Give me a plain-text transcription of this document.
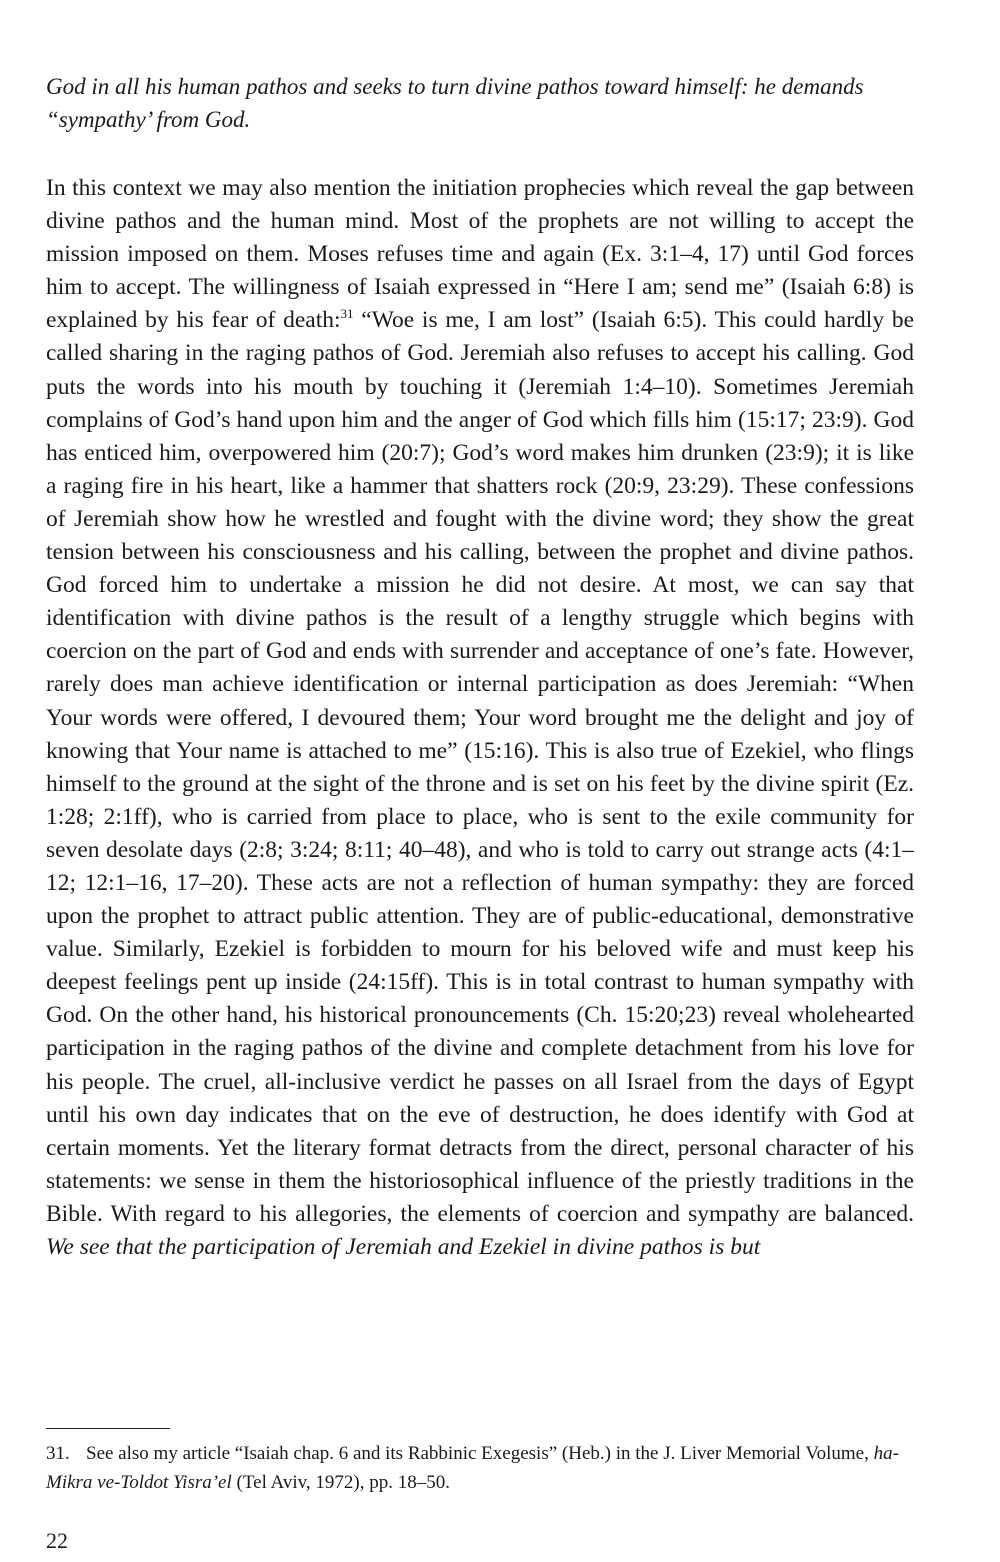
God in all his human pathos and seeks to turn divine pathos toward himself: he demands “sympathy’ from God.

In this context we may also mention the initiation prophecies which reveal the gap between divine pathos and the human mind. Most of the prophets are not willing to accept the mission imposed on them. Moses refuses time and again (Ex. 3:1–4, 17) until God forces him to accept. The willingness of Isaiah expressed in “Here I am; send me” (Isaiah 6:8) is explained by his fear of death:$^{31}$ “Woe is me, I am lost” (Isaiah 6:5). This could hardly be called sharing in the raging pathos of God. Jeremiah also refuses to accept his calling. God puts the words into his mouth by touching it (Jeremiah 1:4–10). Sometimes Jeremiah complains of God’s hand upon him and the anger of God which fills him (15:17; 23:9). God has enticed him, overpowered him (20:7); God’s word makes him drunken (23:9); it is like a raging fire in his heart, like a hammer that shatters rock (20:9, 23:29). These confessions of Jeremiah show how he wrestled and fought with the divine word; they show the great tension between his consciousness and his calling, between the prophet and divine pathos. God forced him to undertake a mission he did not desire. At most, we can say that identification with divine pathos is the result of a lengthy struggle which begins with coercion on the part of God and ends with surrender and acceptance of one’s fate. However, rarely does man achieve identification or internal participation as does Jeremiah: “When Your words were offered, I devoured them; Your word brought me the delight and joy of knowing that Your name is attached to me” (15:16). This is also true of Ezekiel, who flings himself to the ground at the sight of the throne and is set on his feet by the divine spirit (Ez. 1:28; 2:1ff), who is carried from place to place, who is sent to the exile community for seven desolate days (2:8; 3:24; 8:11; 40–48), and who is told to carry out strange acts (4:1–12; 12:1–16, 17–20). These acts are not a reflection of human sympathy: they are forced upon the prophet to attract public attention. They are of public-educational, demonstrative value. Similarly, Ezekiel is forbidden to mourn for his beloved wife and must keep his deepest feelings pent up inside (24:15ff). This is in total contrast to human sympathy with God. On the other hand, his historical pronouncements (Ch. 15:20;23) reveal wholehearted participation in the raging pathos of the divine and complete detachment from his love for his people. The cruel, all-inclusive verdict he passes on all Israel from the days of Egypt until his own day indicates that on the eve of destruction, he does identify with God at certain moments. Yet the literary format detracts from the direct, personal character of his statements: we sense in them the historiosophical influence of the priestly traditions in the Bible. With regard to his allegories, the elements of coercion and sympathy are balanced. We see that the participation of Jeremiah and Ezekiel in divine pathos is but

31. See also my article “Isaiah chap. 6 and its Rabbinic Exegesis” (Heb.) in the J. Liver Memorial Volume, ha-Mikra ve-Toldot Yisra’el (Tel Aviv, 1972), pp. 18–50.

22
